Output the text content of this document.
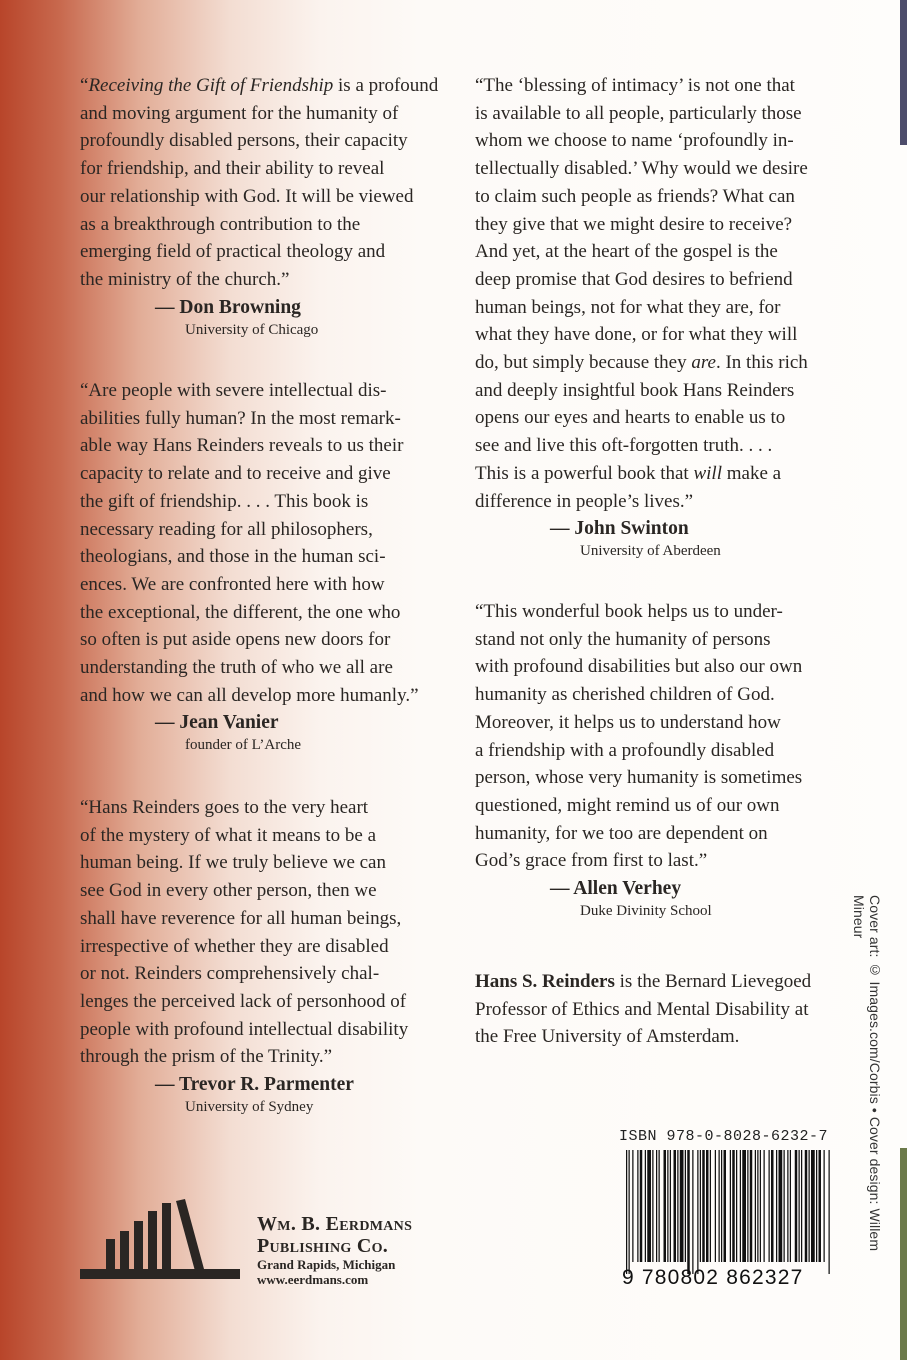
“Receiving the Gift of Friendship is a profound
and moving argument for the humanity of
profoundly disabled persons, their capacity
for friendship, and their ability to reveal
our relationship with God. It will be viewed
as a breakthrough contribution to the
emerging field of practical theology and
the ministry of the church.”

— Don Browning
University of Chicago

“Are people with severe intellectual dis-
abilities fully human? In the most remark-
able way Hans Reinders reveals to us their
capacity to relate and to receive and give
the gift of friendship. . . . This book is
necessary reading for all philosophers,
theologians, and those in the human sci-
ences. We are confronted here with how
the exceptional, the different, the one who
so often is put aside opens new doors for
understanding the truth of who we all are
and how we can all develop more humanly.”

— Jean Vanier
founder of L’Arche

“Hans Reinders goes to the very heart
of the mystery of what it means to be a
human being. If we truly believe we can
see God in every other person, then we
shall have reverence for all human beings,
irrespective of whether they are disabled
or not. Reinders comprehensively chal-
lenges the perceived lack of personhood of
people with profound intellectual disability
through the prism of the Trinity.”

— Trevor R. Parmenter
University of Sydney

“The ‘blessing of intimacy’ is not one that
is available to all people, particularly those
whom we choose to name ‘profoundly in-
tellectually disabled.’ Why would we desire
to claim such people as friends? What can
they give that we might desire to receive?
And yet, at the heart of the gospel is the
deep promise that God desires to befriend
human beings, not for what they are, for
what they have done, or for what they will
do, but simply because they are. In this rich
and deeply insightful book Hans Reinders
opens our eyes and hearts to enable us to
see and live this oft-forgotten truth. . . .
This is a powerful book that will make a
difference in people’s lives.”

— John Swinton
University of Aberdeen

“This wonderful book helps us to under-
stand not only the humanity of persons
with profound disabilities but also our own
humanity as cherished children of God.
Moreover, it helps us to understand how
a friendship with a profoundly disabled
person, whose very humanity is sometimes
questioned, might remind us of our own
humanity, for we too are dependent on
God’s grace from first to last.”

— Allen Verhey
Duke Divinity School

Hans S. Reinders is the Bernard Lievegoed
Professor of Ethics and Mental Disability at
the Free University of Amsterdam.

Wm. B. Eerdmans
Publishing Co.
Grand Rapids, Michigan
www.eerdmans.com
ISBN 978-0-8028-6232-7
9 780802 862327
Cover art: © Images.com/Corbis • Cover design: Willem Mineur
